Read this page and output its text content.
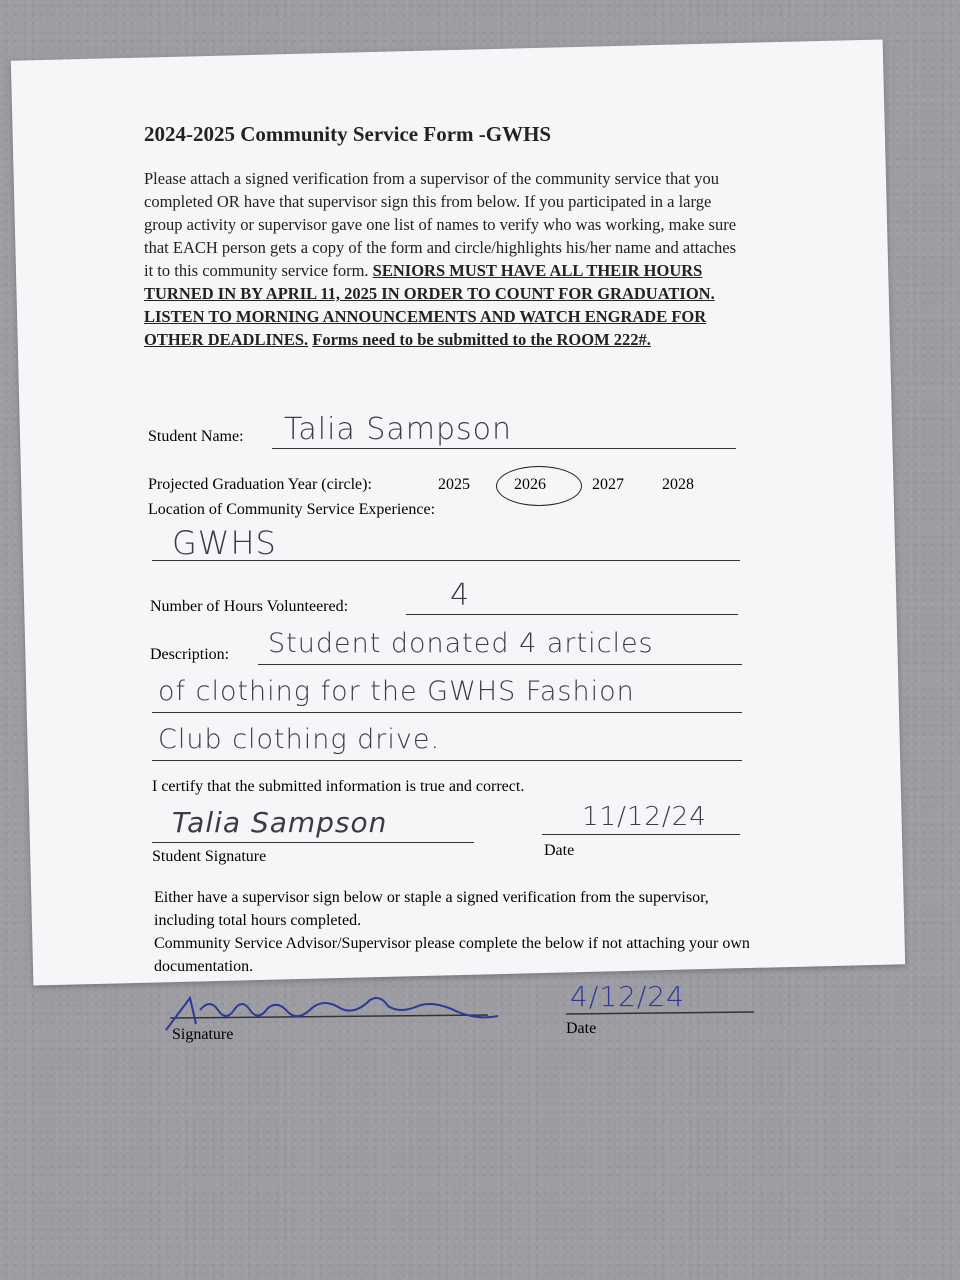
2024-2025 Community Service Form -GWHS
Please attach a signed verification from a supervisor of the community service that you completed OR have that supervisor sign this from below. If you participated in a large group activity or supervisor gave one list of names to verify who was working, make sure that EACH person gets a copy of the form and circle/highlights his/her name and attaches it to this community service form. SENIORS MUST HAVE ALL THEIR HOURS TURNED IN BY APRIL 11, 2025 IN ORDER TO COUNT FOR GRADUATION. LISTEN TO MORNING ANNOUNCEMENTS AND WATCH ENGRADE FOR OTHER DEADLINES. Forms need to be submitted to the ROOM 222#.
Student Name: Talia Sampson
Projected Graduation Year (circle):	2025	2026	2027 2028
Location of Community Service Experience:
GWHS
Number of Hours Volunteered:	4
Description: Student donated 4 articles
of clothing for the GWHS Fashion
Club clothing drive.
I certify that the submitted information is true and correct.
Talia Sampson
Student Signature
11/12/24
Date
Either have a supervisor sign below or staple a signed verification from the supervisor, including total hours completed.
Community Service Advisor/Supervisor please complete the below if not attaching your own documentation.
Signature
4/12/24
Date
